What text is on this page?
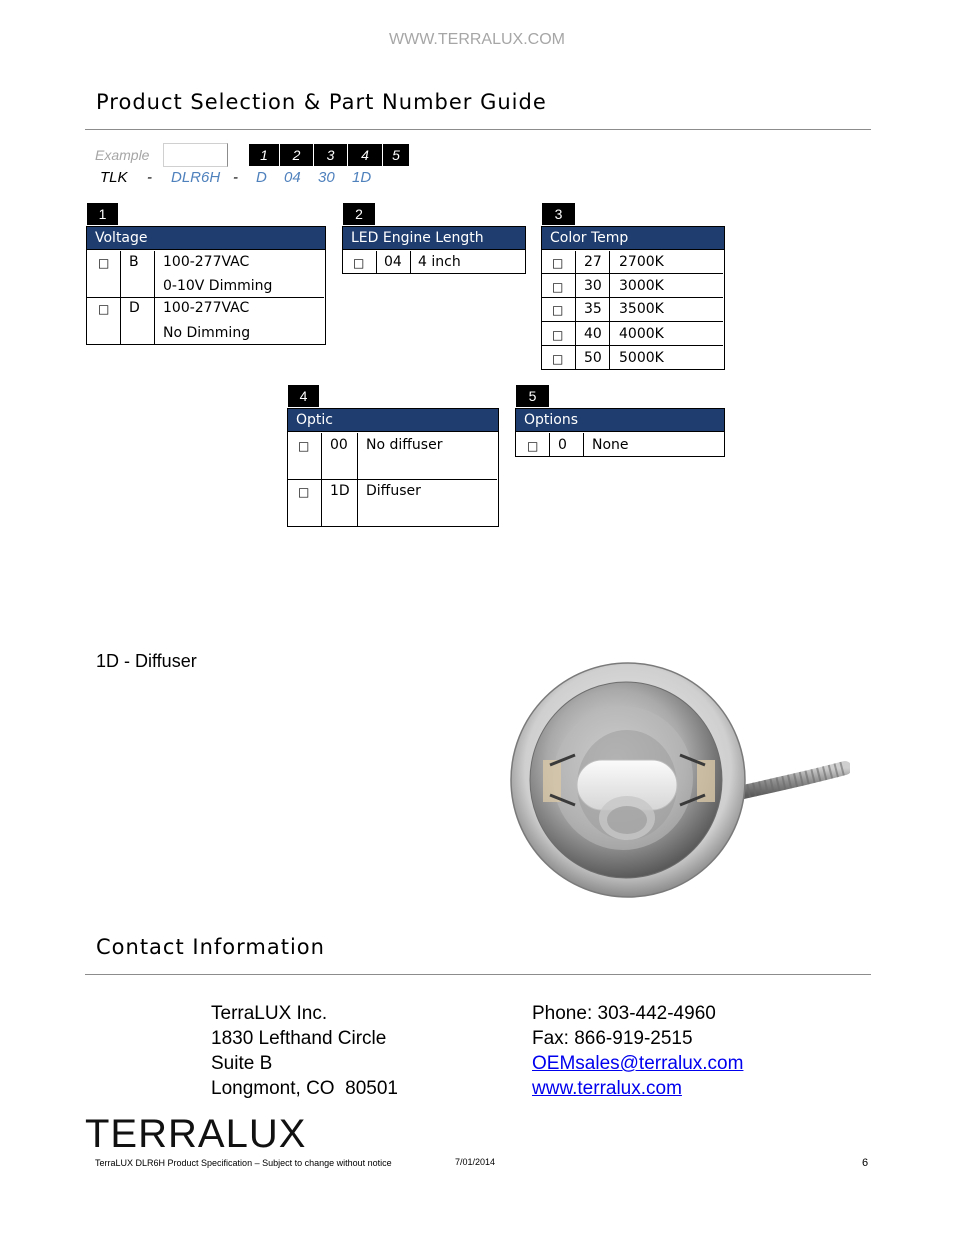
WWW.TERRALUX.COM
Product Selection & Part Number Guide
Example	1	2	3	4	5
TLK - DLR6H - D 04 30 1D
1
Voltage
□ B 100-277VAC
0-10V Dimming
□ D 100-277VAC
No Dimming
2
LED Engine Length
□ 04 4 inch
3
Color Temp
□ 27 2700K
□ 30 3000K
□ 35 3500K
□ 40 4000K
□ 50 5000K
4
Optic
□ 00 No diffuser
□ 1D Diffuser
5
Options
□ 0 None
1D - Diffuser
Contact Information
TerraLUX Inc.
1830 Lefthand Circle
Suite B
Longmont, CO  80501
Phone: 303-442-4960
Fax: 866-919-2515
OEMsales@terralux.com
www.terralux.com
TERRALUX
TerraLUX DLR6H Product Specification – Subject to change without notice	7/01/2014	6
